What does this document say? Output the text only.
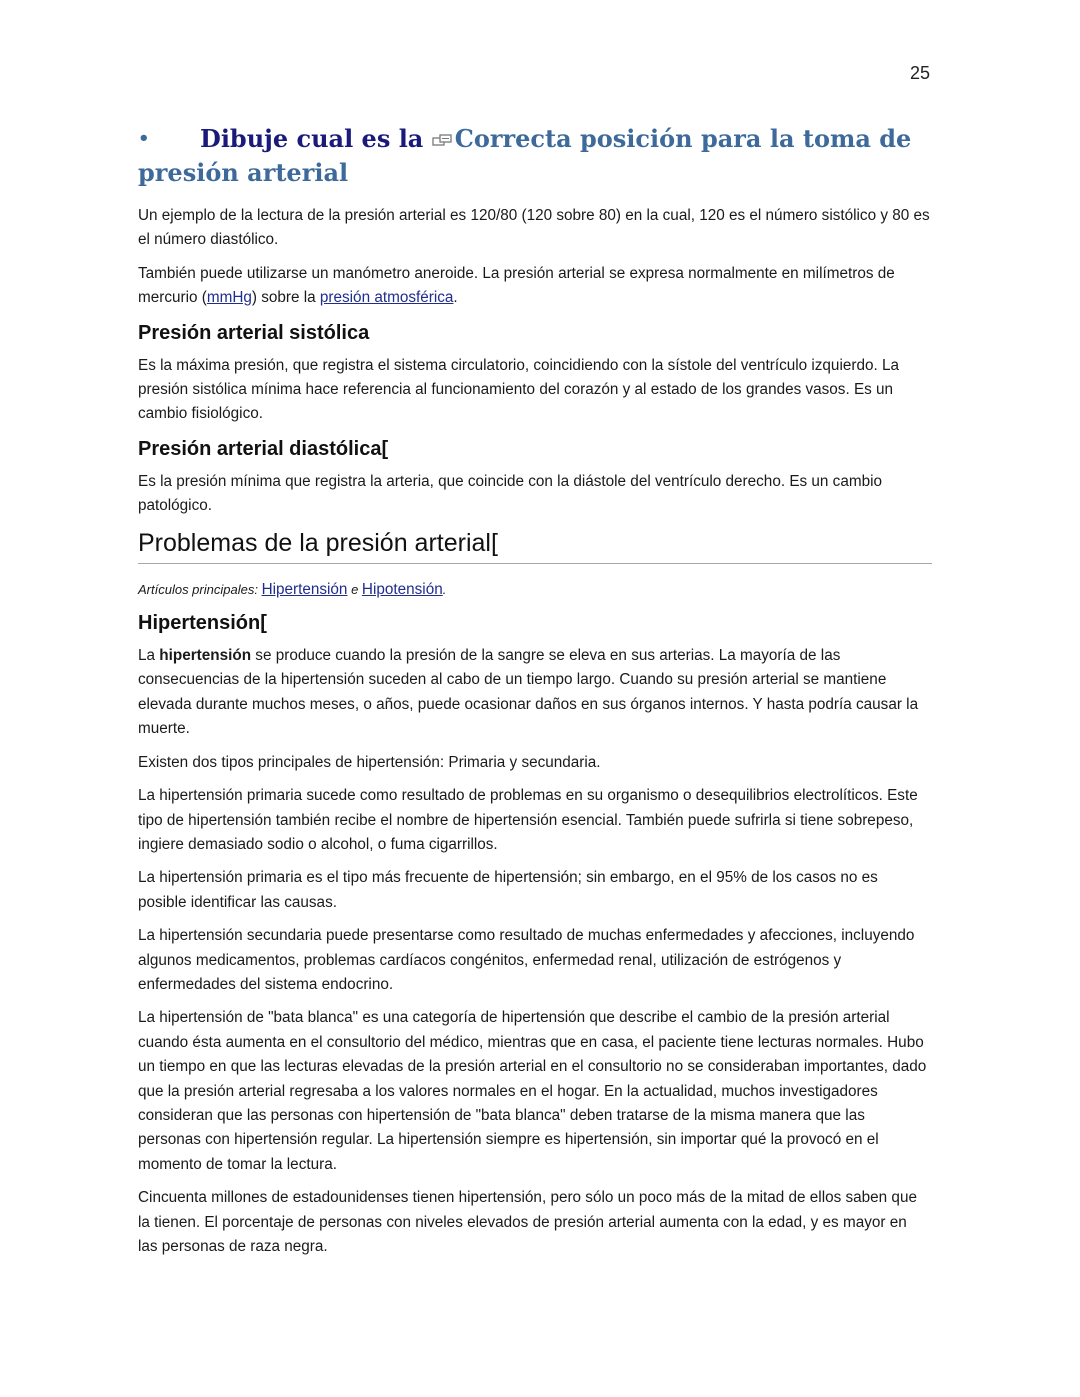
25
• Dibuje cual es la Correcta posición para la toma de presión arterial

Un ejemplo de la lectura de la presión arterial es 120/80 (120 sobre 80) en la cual, 120 es el número sistólico y 80 es el número diastólico.

También puede utilizarse un manómetro aneroide. La presión arterial se expresa normalmente en milímetros de mercurio (mmHg) sobre la presión atmosférica.

Presión arterial sistólica

Es la máxima presión, que registra el sistema circulatorio, coincidiendo con la sístole del ventrículo izquierdo. La presión sistólica mínima hace referencia al funcionamiento del corazón y al estado de los grandes vasos. Es un cambio fisiológico.

Presión arterial diastólica[

Es la presión mínima que registra la arteria, que coincide con la diástole del ventrículo derecho. Es un cambio patológico.

Problemas de la presión arterial[

Artículos principales: Hipertensión e Hipotensión.

Hipertensión[

La hipertensión se produce cuando la presión de la sangre se eleva en sus arterias. La mayoría de las consecuencias de la hipertensión suceden al cabo de un tiempo largo. Cuando su presión arterial se mantiene elevada durante muchos meses, o años, puede ocasionar daños en sus órganos internos. Y hasta podría causar la muerte.

Existen dos tipos principales de hipertensión: Primaria y secundaria.

La hipertensión primaria sucede como resultado de problemas en su organismo o desequilibrios electrolíticos. Este tipo de hipertensión también recibe el nombre de hipertensión esencial. También puede sufrirla si tiene sobrepeso, ingiere demasiado sodio o alcohol, o fuma cigarrillos.

La hipertensión primaria es el tipo más frecuente de hipertensión; sin embargo, en el 95% de los casos no es posible identificar las causas.

La hipertensión secundaria puede presentarse como resultado de muchas enfermedades y afecciones, incluyendo algunos medicamentos, problemas cardíacos congénitos, enfermedad renal, utilización de estrógenos y enfermedades del sistema endocrino.

La hipertensión de "bata blanca" es una categoría de hipertensión que describe el cambio de la presión arterial cuando ésta aumenta en el consultorio del médico, mientras que en casa, el paciente tiene lecturas normales. Hubo un tiempo en que las lecturas elevadas de la presión arterial en el consultorio no se consideraban importantes, dado que la presión arterial regresaba a los valores normales en el hogar. En la actualidad, muchos investigadores consideran que las personas con hipertensión de "bata blanca" deben tratarse de la misma manera que las personas con hipertensión regular. La hipertensión siempre es hipertensión, sin importar qué la provocó en el momento de tomar la lectura.

Cincuenta millones de estadounidenses tienen hipertensión, pero sólo un poco más de la mitad de ellos saben que la tienen. El porcentaje de personas con niveles elevados de presión arterial aumenta con la edad, y es mayor en las personas de raza negra.
